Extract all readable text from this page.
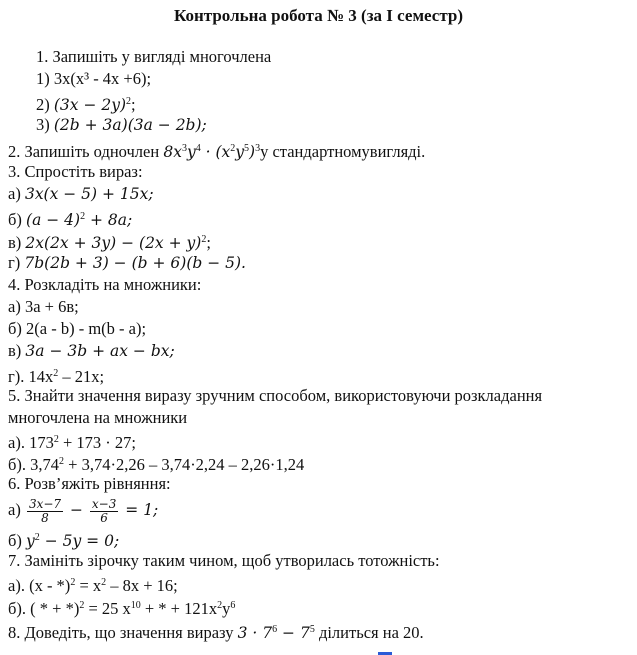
Контрольна робота № 3 (за І семестр)
1. Запишіть у вигляді многочлена
1) 3x(x³ - 4x +6);
2) $(3x - 2y)^2$;
3) (2b + 3a)(3a − 2b);
2. Запишіть одночлен $8x^3y^4 \cdot (x^2y^5)^3y$ стандартномувигляді.
3. Спростіть вираз:
а) 3x(x − 5) + 15x;
б) $(a - 4)^2 + 8a$;
в) $2x(2x + 3y) - (2x + y)^2$;
г) 7b(2b + 3) − (b + 6)(b − 5).
4. Розкладіть на множники:
а) 3a + 6в;
б) 2(a - b) - m(b - a);
в) 3a − 3b + ax − bx;
г). $14x^2 - 21x$;
5. Знайти значення виразу зручним способом, використовуючи розкладання
многочлена на множники
а). $173^2 + 173 \cdot 27$;
б). $3,74^2 + 3,74\cdot 2,26 - 3,74\cdot 2,24 - 2,26\cdot 1,24$
6. Розв’яжіть рівняння:
$а) \frac{3x-7}{8} - \frac{x-3}{6} = 1$;
б) $y^2 - 5y = 0$;
7. Замініть зірочку таким чином, щоб утворилась тотожність:
а). $(x - *)^2 = x^2 - 8x + 16$;
б). ( * + *)$^2$ = 25 $x^{10}$ + * + $121x^2y^6$
8. Доведіть, що значення виразу $3 \cdot 7^6 - 7^5$ ділиться на 20.
